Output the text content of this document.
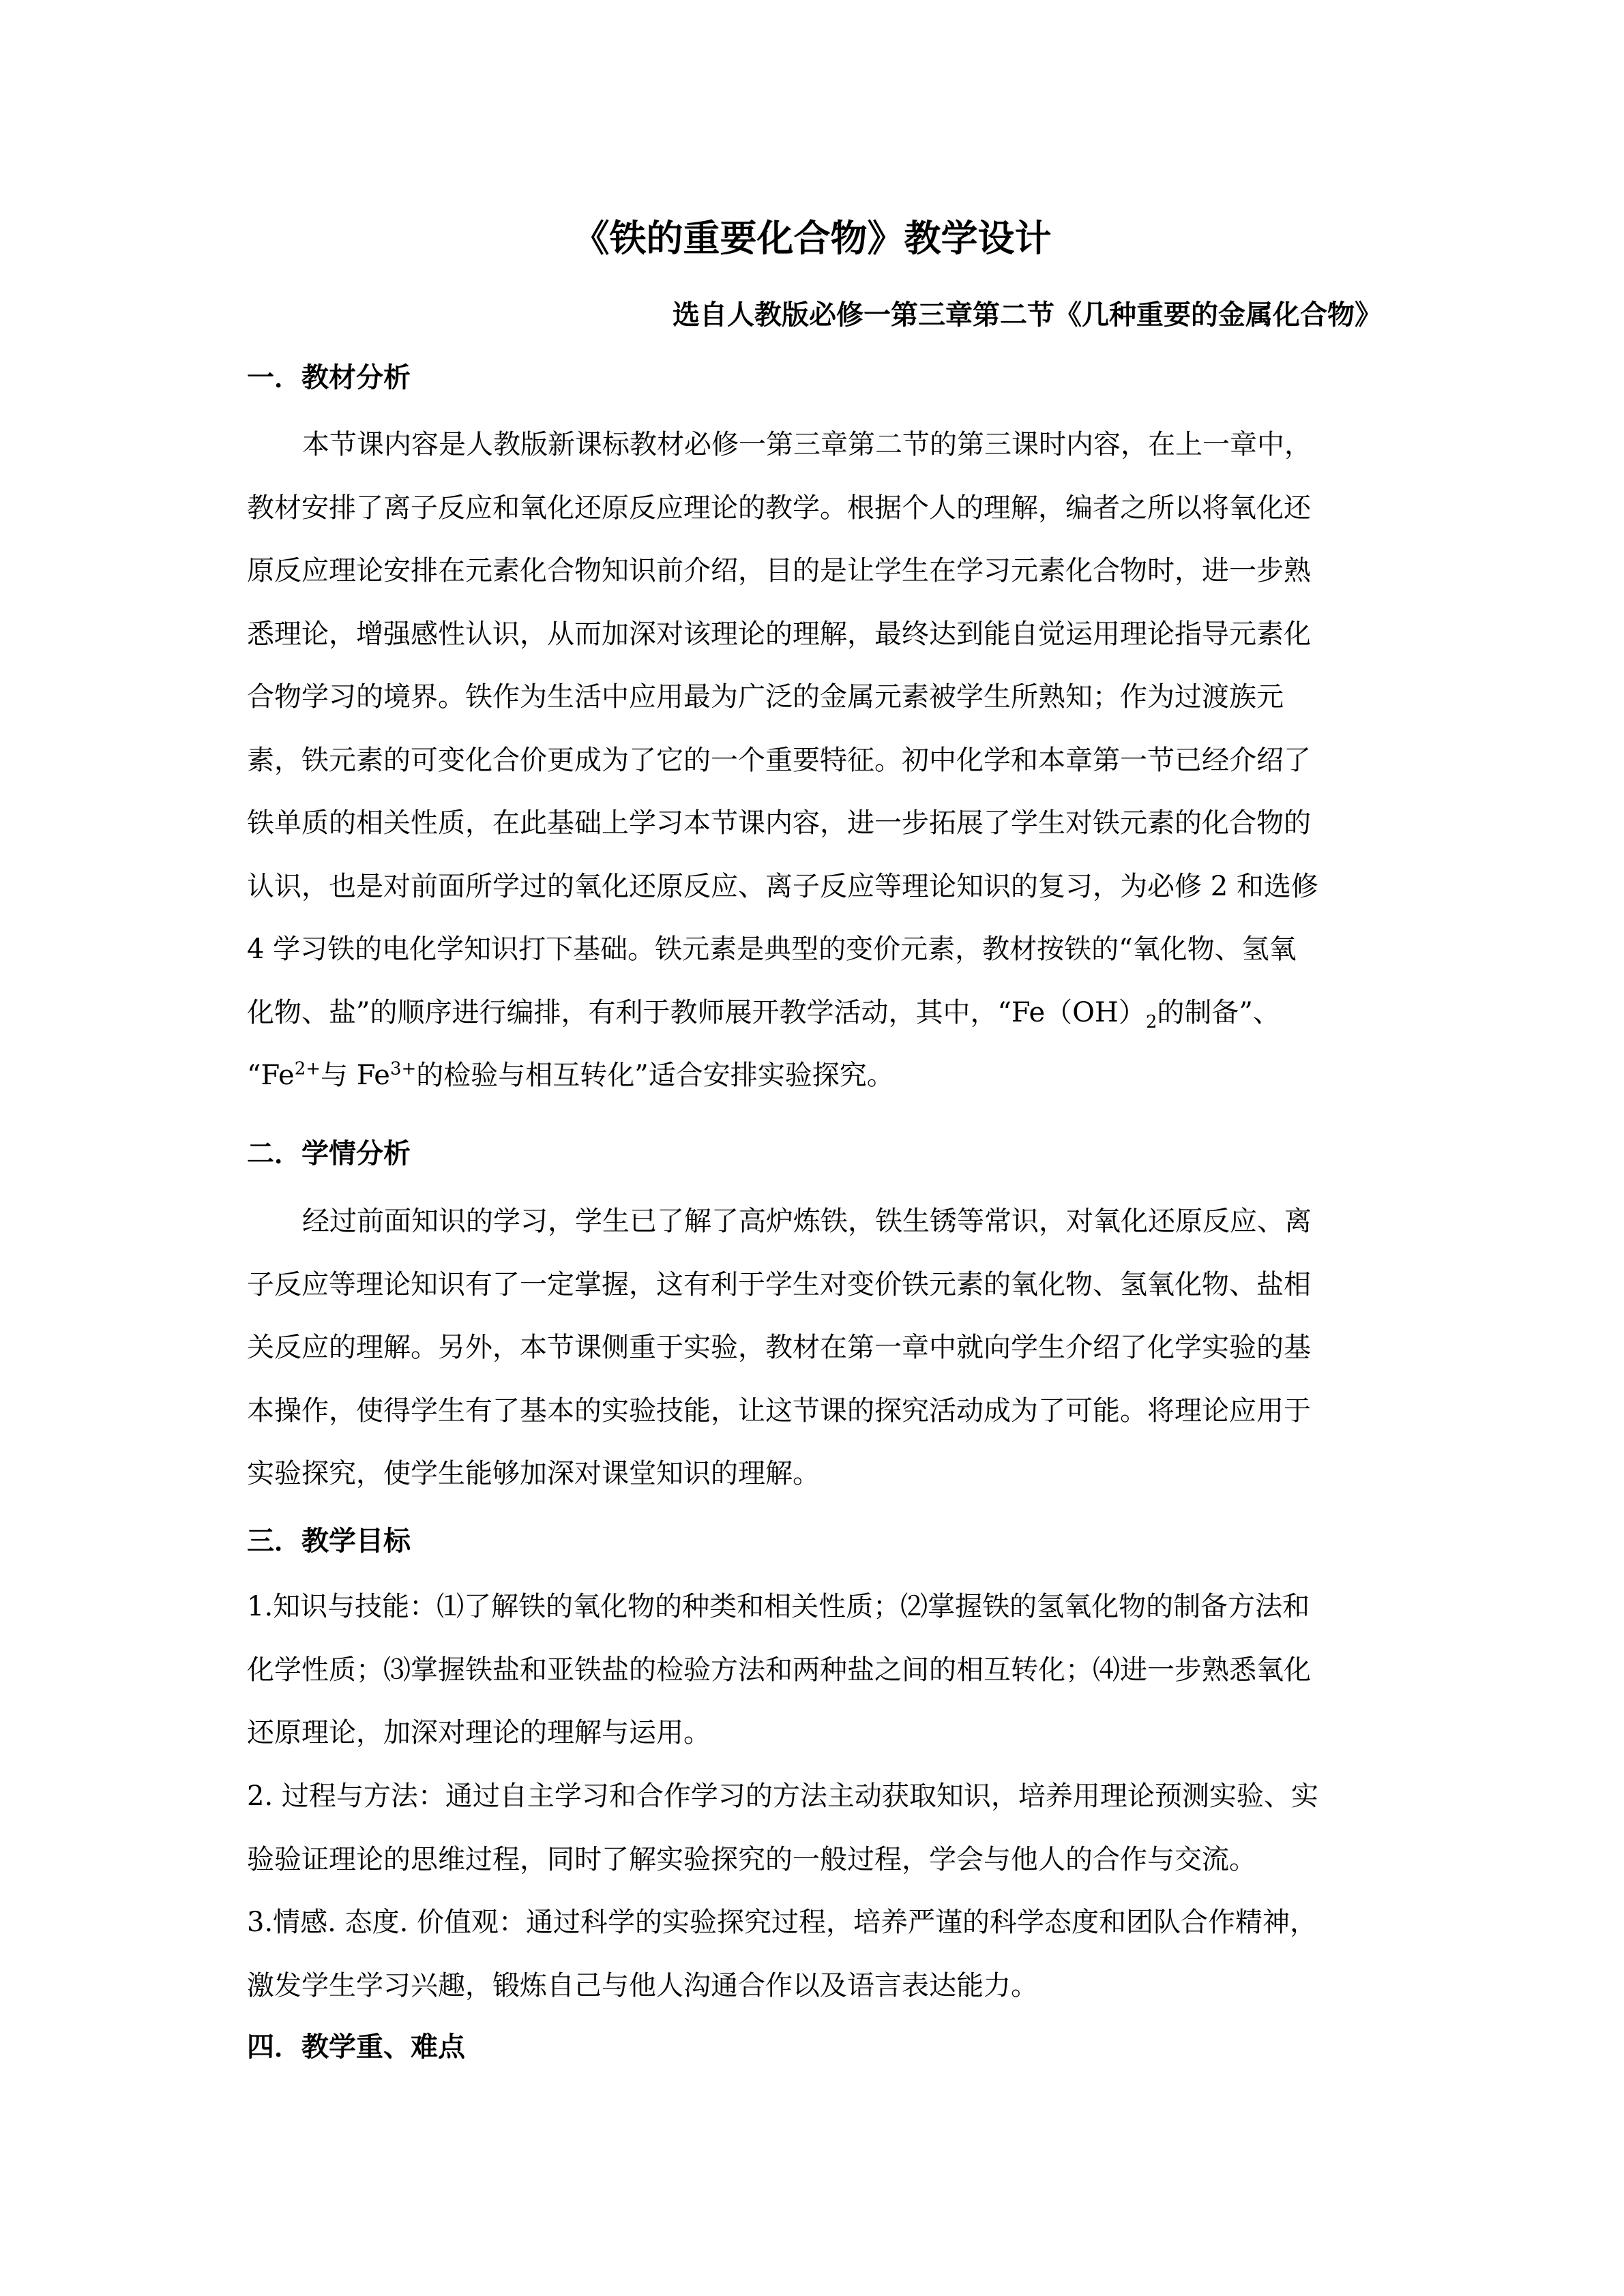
《铁的重要化合物》教学设计
选自人教版必修一第三章第二节《几种重要的金属化合物》
一．教材分析

本节课内容是人教版新课标教材必修一第三章第二节的第三课时内容，在上一章中，
教材安排了离子反应和氧化还原反应理论的教学。根据个人的理解，编者之所以将氧化还
原反应理论安排在元素化合物知识前介绍，目的是让学生在学习元素化合物时，进一步熟
悉理论，增强感性认识，从而加深对该理论的理解，最终达到能自觉运用理论指导元素化
合物学习的境界。铁作为生活中应用最为广泛的金属元素被学生所熟知；作为过渡族元
素，铁元素的可变化合价更成为了它的一个重要特征。初中化学和本章第一节已经介绍了
铁单质的相关性质，在此基础上学习本节课内容，进一步拓展了学生对铁元素的化合物的
认识，也是对前面所学过的氧化还原反应、离子反应等理论知识的复习，为必修 2 和选修
4 学习铁的电化学知识打下基础。铁元素是典型的变价元素，教材按铁的“氧化物、氢氧
化物、盐”的顺序进行编排，有利于教师展开教学活动，其中，“$Fe(OH)_2$的制备”、
“$Fe^{2+}$与 $Fe^{3+}$的检验与相互转化”适合安排实验探究。

二．学情分析

经过前面知识的学习，学生已了解了高炉炼铁，铁生锈等常识，对氧化还原反应、离
子反应等理论知识有了一定掌握，这有利于学生对变价铁元素的氧化物、氢氧化物、盐相
关反应的理解。另外，本节课侧重于实验，教材在第一章中就向学生介绍了化学实验的基
本操作，使得学生有了基本的实验技能，让这节课的探究活动成为了可能。将理论应用于
实验探究，使学生能够加深对课堂知识的理解。

三．教学目标

1.知识与技能：⑴了解铁的氧化物的种类和相关性质；⑵掌握铁的氢氧化物的制备方法和
化学性质；⑶掌握铁盐和亚铁盐的检验方法和两种盐之间的相互转化；⑷进一步熟悉氧化
还原理论，加深对理论的理解与运用。

2. 过程与方法：通过自主学习和合作学习的方法主动获取知识，培养用理论预测实验、实
验验证理论的思维过程，同时了解实验探究的一般过程，学会与他人的合作与交流。

3.情感. 态度. 价值观：通过科学的实验探究过程，培养严谨的科学态度和团队合作精神，
激发学生学习兴趣，锻炼自己与他人沟通合作以及语言表达能力。

四．教学重、难点
